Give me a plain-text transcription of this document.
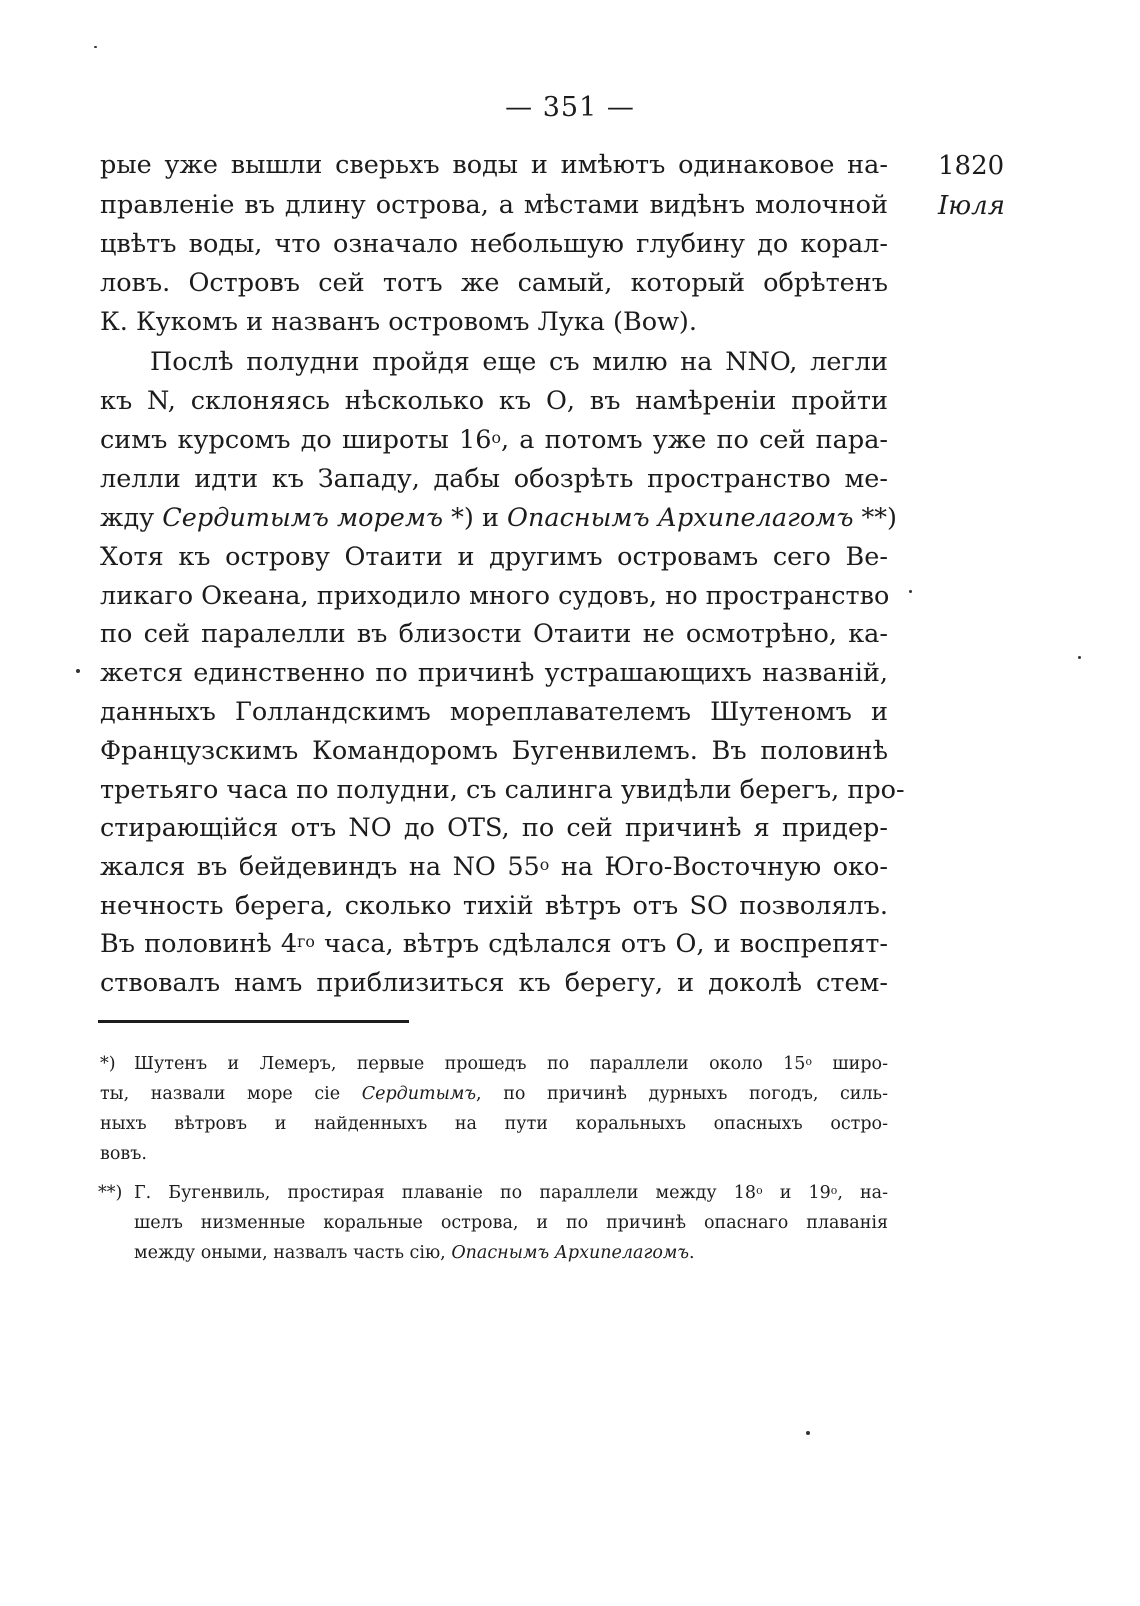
— 351 —
1820
Іюля
рые уже вышли сверьхъ воды и имѣютъ одинаковое на-
правленіе въ длину острова, а мѣстами видѣнъ молочной
цвѣтъ воды, что означало небольшую глубину до корал-
ловъ. Островъ сей тотъ же самый, который обрѣтенъ
К. Кукомъ и названъ островомъ Лука (Bow).
Послѣ полудни пройдя еще съ милю на NNO, легли
къ N, склоняясь нѣсколько къ О, въ намѣреніи пройти
симъ курсомъ до широты $16^о$, а потомъ уже по сей пара-
лелли идти къ Западу, дабы обозрѣть пространство ме-
жду Сердитымъ моремъ *) и Опаснымъ Архипелагомъ **)
Хотя къ острову Отаити и другимъ островамъ сего Ве-
ликаго Океана, приходило много судовъ, но пространство
по сей паралелли въ близости Отаити не осмотрѣно, ка-
жется единственно по причинѣ устрашающихъ названій,
данныхъ Голландскимъ мореплавателемъ Шутеномъ и
Французскимъ Командоромъ Бугенвилемъ. Въ половинѣ
третьяго часа по полудни, съ салинга увидѣли берегъ, про-
стирающійся отъ NO до OTS, по сей причинѣ я придер-
жался въ бейдевиндъ на NO $55^о$ на Юго-Восточную око-
нечность берега, сколько тихій вѣтръ отъ SO позволялъ.
Въ половинѣ $4^{го}$ часа, вѣтръ сдѣлался отъ О, и воспрепят-
ствовалъ намъ приблизиться къ берегу, и доколѣ стем-
*) Шутенъ и Лемеръ, первые прошедъ по параллели около $15^о$ широ-
ты, назвали море сіе Сердитымъ, по причинѣ дурныхъ погодъ, силь-
ныхъ вѣтровъ и найденныхъ на пути коральныхъ опасныхъ остро-
вовъ.
**) Г. Бугенвиль, простирая плаваніе по параллели между $18^о$ и $19^о$, на-
шелъ низменные коральные острова, и по причинѣ опаснаго плаванія
между оными, назвалъ часть сію, Опаснымъ Архипелагомъ.
